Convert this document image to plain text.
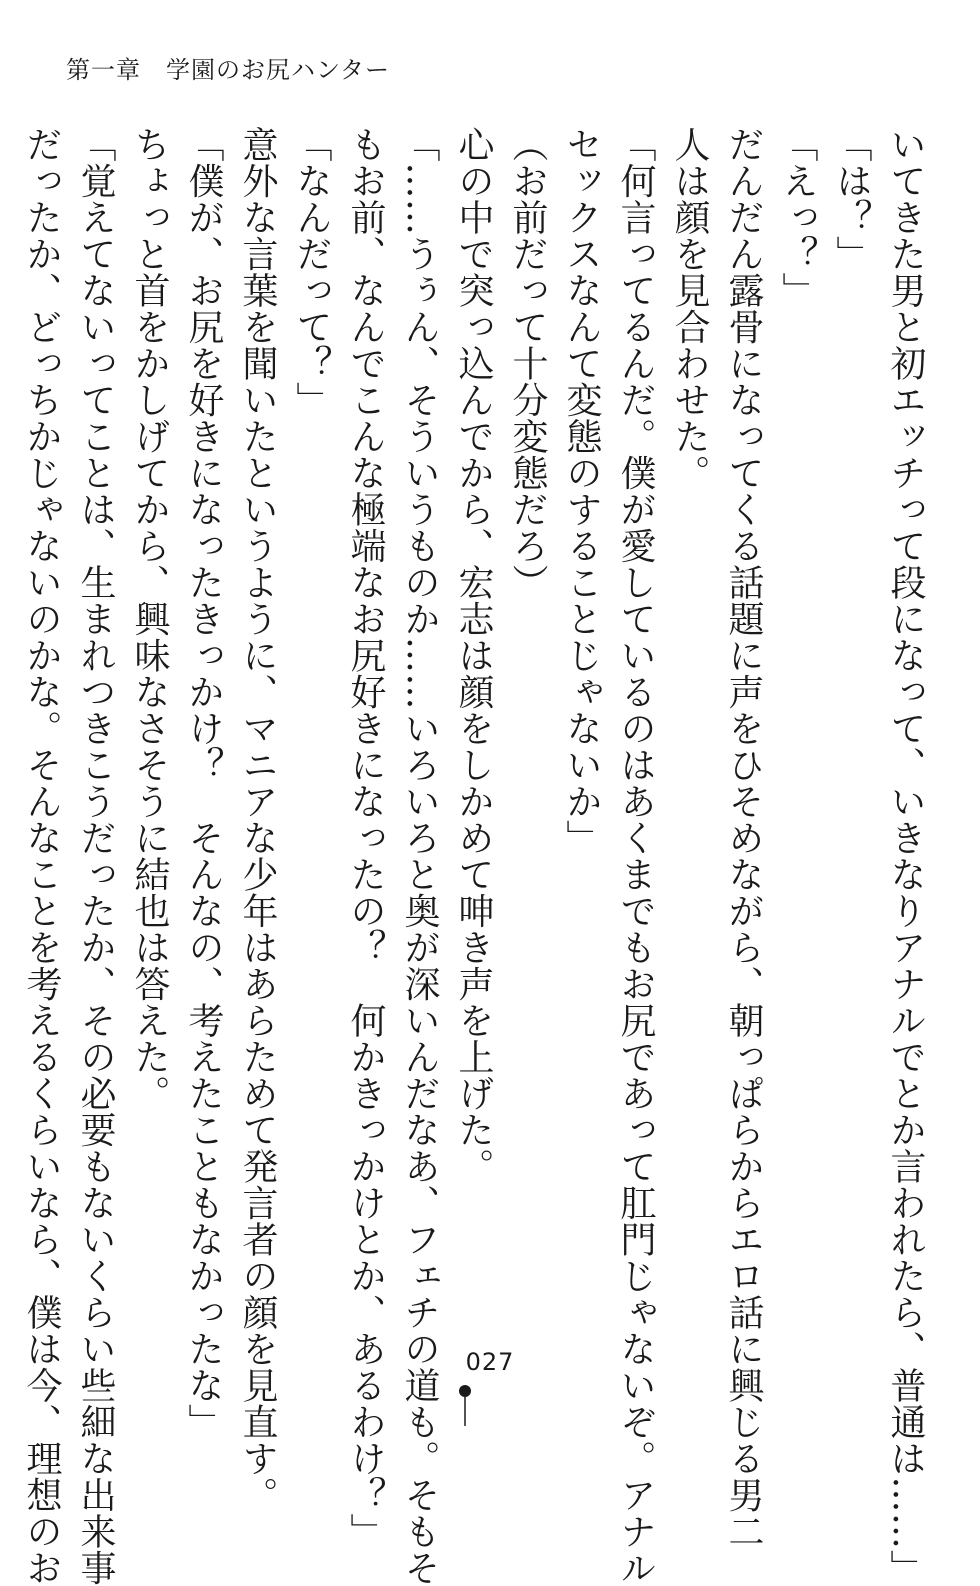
第一章　学園のお尻ハンター

いてきた男と初エッチって段になって、いきなりアナルでとか言われたら、普通は……」

「は？」

「えっ？」

だんだん露骨になってくる話題に声をひそめながら、朝っぱらからエロ話に興じる男二

人は顔を見合わせた。

「何言ってるんだ。僕が愛しているのはあくまでもお尻であって肛門じゃないぞ。アナル

セックスなんて変態のすることじゃないか」

（お前だって十分変態だろ）

心の中で突っ込んでから、宏志は顔をしかめて呻き声を上げた。

「……うぅん、そういうものか……いろいろと奥が深いんだなあ、フェチの道も。そもそ

もお前、なんでこんな極端なお尻好きになったの？　何かきっかけとか、あるわけ？」

「なんだって？」

意外な言葉を聞いたというように、マニアな少年はあらためて発言者の顔を見直す。

「僕が、お尻を好きになったきっかけ？　そんなの、考えたこともなかったな」

ちょっと首をかしげてから、興味なさそうに結也は答えた。

「覚えてないってことは、生まれつきこうだったか、その必要もないくらい些細な出来事

だったか、どっちかじゃないのかな。そんなことを考えるくらいなら、僕は今、理想のお	027
